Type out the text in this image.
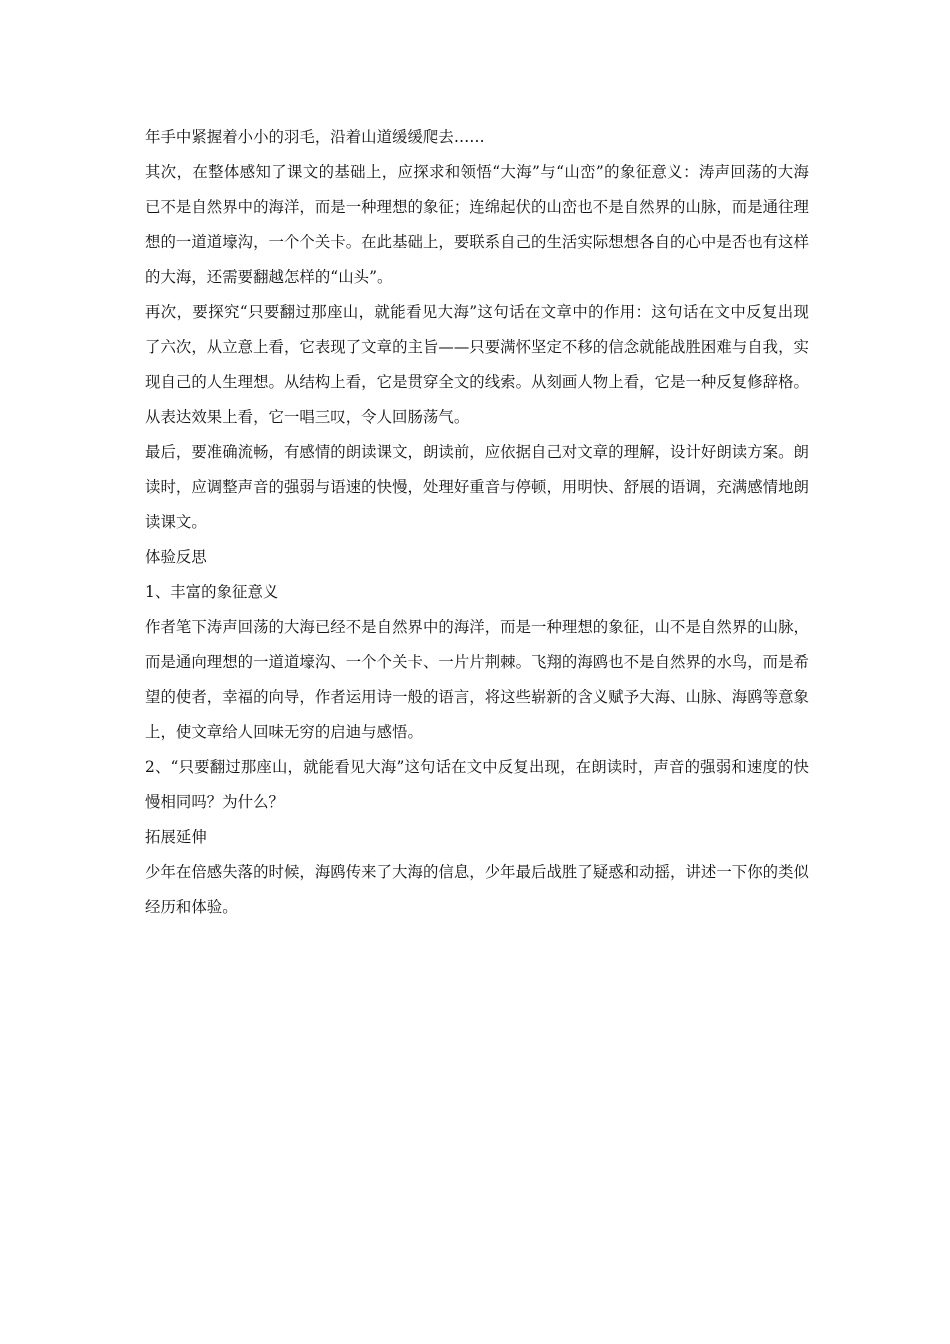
年手中紧握着小小的羽毛，沿着山道缓缓爬去……

其次，在整体感知了课文的基础上，应探求和领悟“大海”与“山峦”的象征意义：涛声回荡的大海已不是自然界中的海洋，而是一种理想的象征；连绵起伏的山峦也不是自然界的山脉，而是通往理想的一道道壕沟，一个个关卡。在此基础上，要联系自己的生活实际想想各自的心中是否也有这样的大海，还需要翻越怎样的“山头”。

再次，要探究“只要翻过那座山，就能看见大海”这句话在文章中的作用：这句话在文中反复出现了六次，从立意上看，它表现了文章的主旨——只要满怀坚定不移的信念就能战胜困难与自我，实现自己的人生理想。从结构上看，它是贯穿全文的线索。从刻画人物上看，它是一种反复修辞格。从表达效果上看，它一唱三叹，令人回肠荡气。

最后，要准确流畅，有感情的朗读课文，朗读前，应依据自己对文章的理解，设计好朗读方案。朗读时，应调整声音的强弱与语速的快慢，处理好重音与停顿，用明快、舒展的语调，充满感情地朗读课文。

体验反思

1、丰富的象征意义

作者笔下涛声回荡的大海已经不是自然界中的海洋，而是一种理想的象征，山不是自然界的山脉，而是通向理想的一道道壕沟、一个个关卡、一片片荆棘。飞翔的海鸥也不是自然界的水鸟，而是希望的使者，幸福的向导，作者运用诗一般的语言，将这些崭新的含义赋予大海、山脉、海鸥等意象上，使文章给人回味无穷的启迪与感悟。

2、“只要翻过那座山，就能看见大海”这句话在文中反复出现，在朗读时，声音的强弱和速度的快慢相同吗？为什么？

拓展延伸

少年在倍感失落的时候，海鸥传来了大海的信息，少年最后战胜了疑惑和动摇，讲述一下你的类似经历和体验。
